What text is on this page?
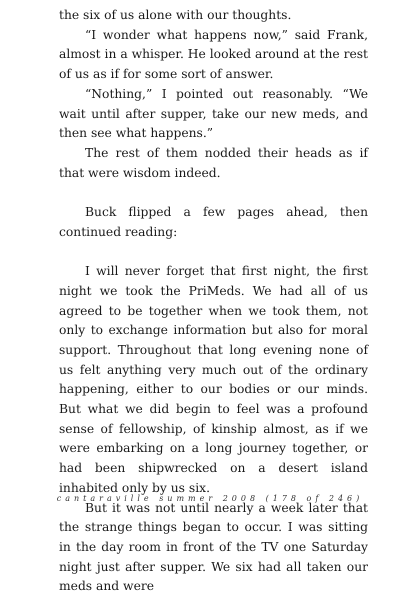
the six of us alone with our thoughts.

“I wonder what happens now,” said Frank, almost in a whisper. He looked around at the rest of us as if for some sort of answer.

“Nothing,” I pointed out reasonably. “We wait until after supper, take our new meds, and then see what happens.”

The rest of them nodded their heads as if that were wisdom indeed.

Buck flipped a few pages ahead, then continued reading:

I will never forget that first night, the first night we took the PriMeds. We had all of us agreed to be together when we took them, not only to exchange information but also for moral support. Throughout that long evening none of us felt anything very much out of the ordinary happening, either to our bodies or our minds. But what we did begin to feel was a profound sense of fellowship, of kinship almost, as if we were embarking on a long journey together, or had been shipwrecked on a desert island inhabited only by us six.

But it was not until nearly a week later that the strange things began to occur. I was sitting in the day room in front of the TV one Saturday night just after supper. We six had all taken our meds and were

cantaraville summer 2008 (178 of 246)
